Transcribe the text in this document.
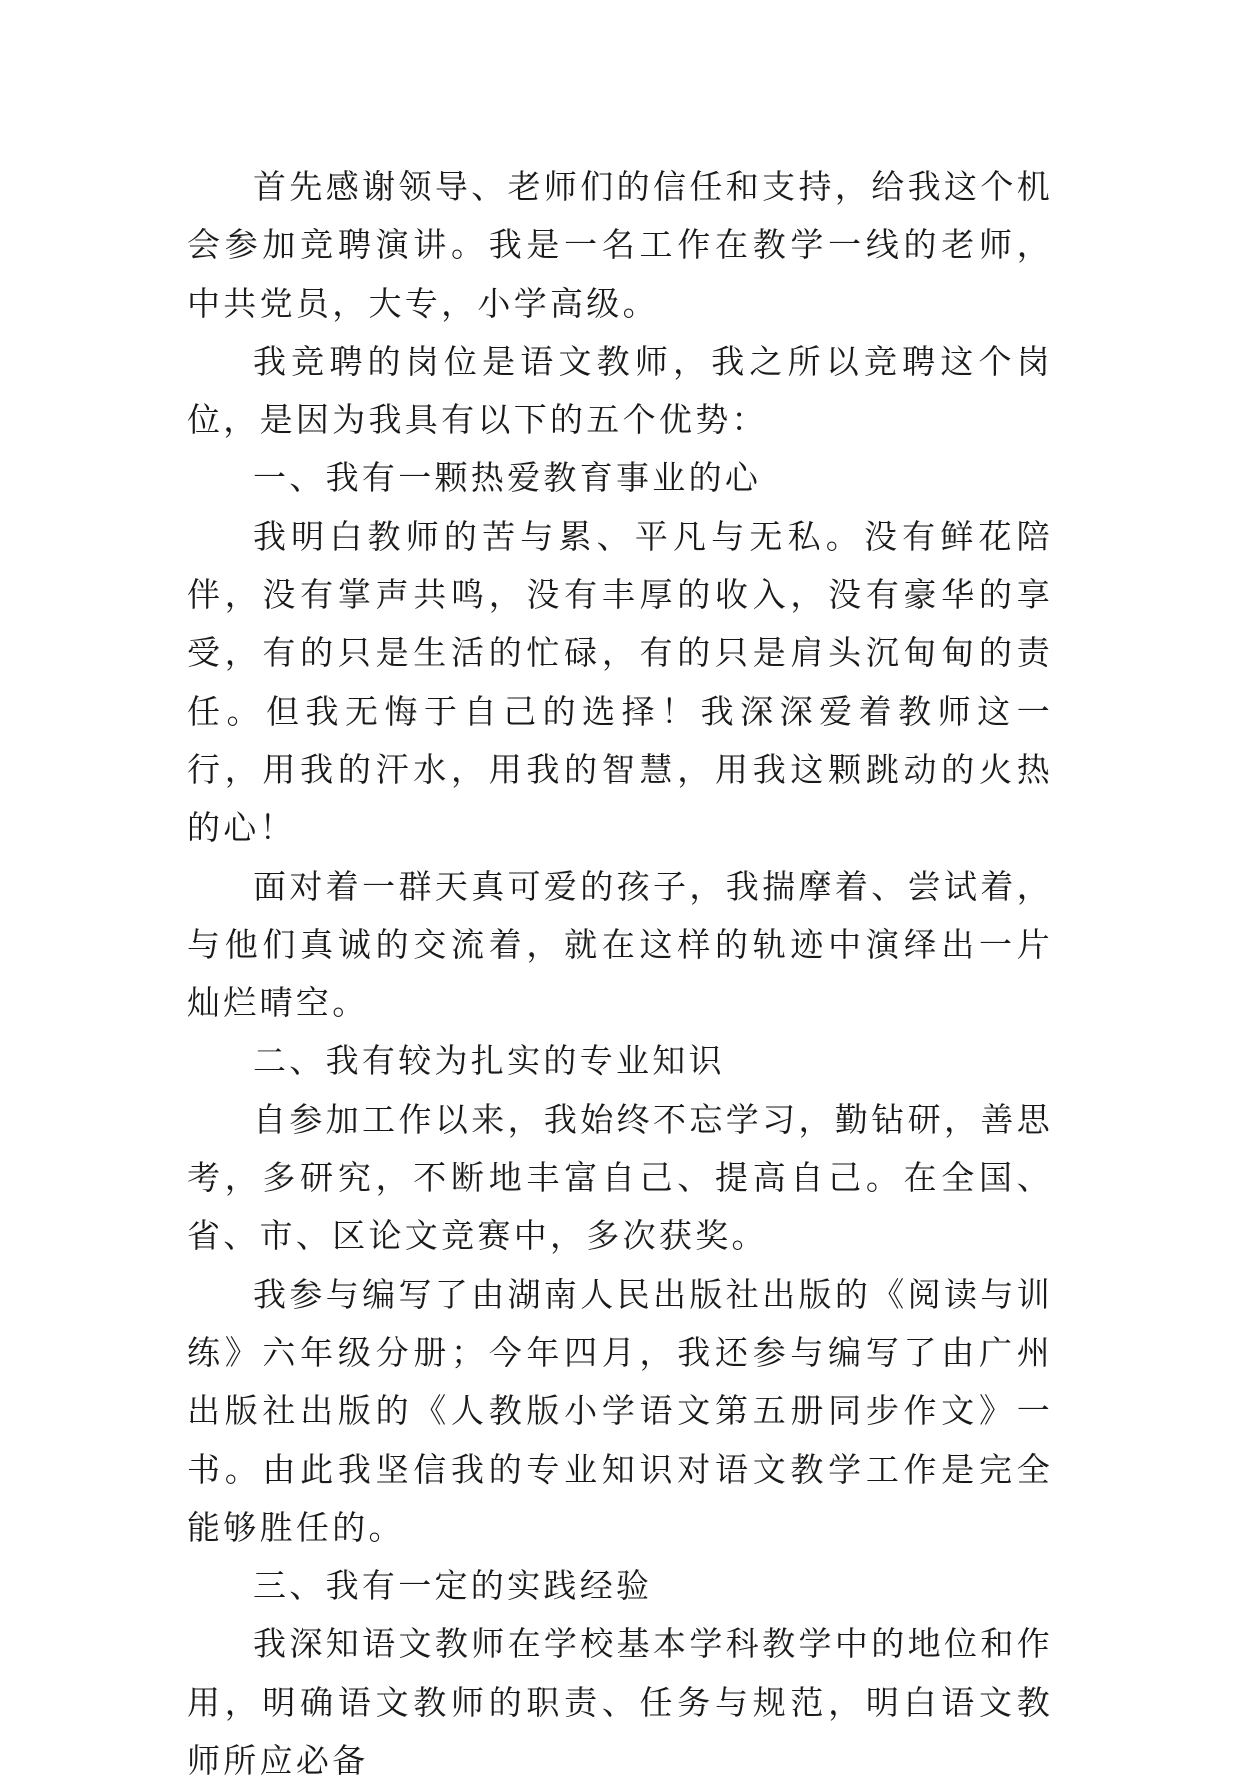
首先感谢领导、老师们的信任和支持，给我这个机会参加竞聘演讲。我是一名工作在教学一线的老师，中共党员，大专，小学高级。

我竞聘的岗位是语文教师，我之所以竞聘这个岗位，是因为我具有以下的五个优势：

一、我有一颗热爱教育事业的心

我明白教师的苦与累、平凡与无私。没有鲜花陪伴，没有掌声共鸣，没有丰厚的收入，没有豪华的享受，有的只是生活的忙碌，有的只是肩头沉甸甸的责任。但我无悔于自己的选择！我深深爱着教师这一行，用我的汗水，用我的智慧，用我这颗跳动的火热的心！

面对着一群天真可爱的孩子，我揣摩着、尝试着，与他们真诚的交流着，就在这样的轨迹中演绎出一片灿烂晴空。

二、我有较为扎实的专业知识

自参加工作以来，我始终不忘学习，勤钻研，善思考，多研究，不断地丰富自己、提高自己。在全国、省、市、区论文竞赛中，多次获奖。

我参与编写了由湖南人民出版社出版的《阅读与训练》六年级分册；今年四月，我还参与编写了由广州出版社出版的《人教版小学语文第五册同步作文》一书。由此我坚信我的专业知识对语文教学工作是完全能够胜任的。

三、我有一定的实践经验

我深知语文教师在学校基本学科教学中的地位和作用，明确语文教师的职责、任务与规范，明白语文教师所应必备
